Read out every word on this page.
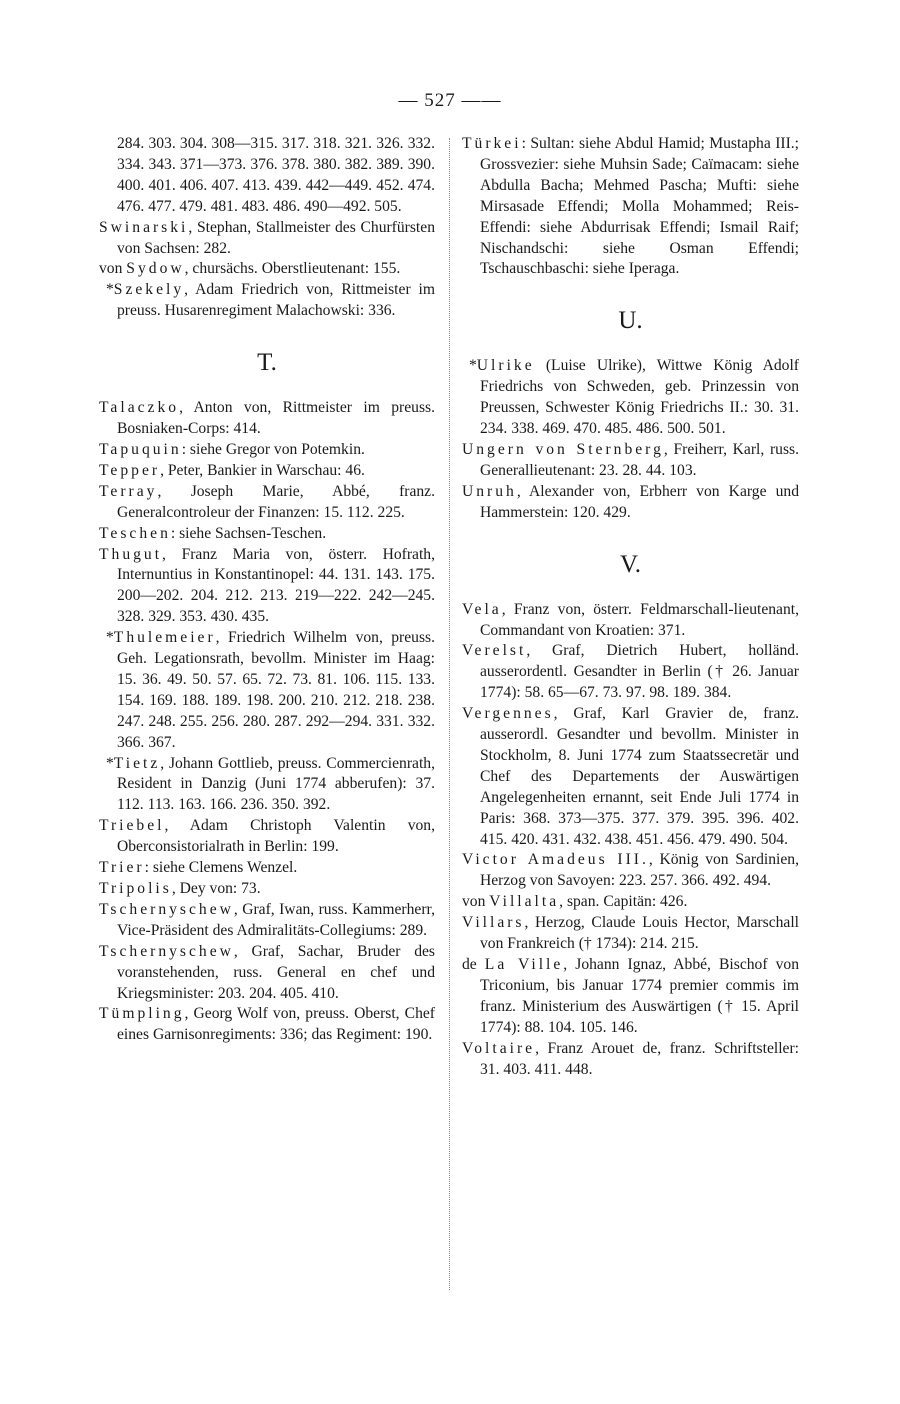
— 527 ——
284. 303. 304. 308—315. 317. 318. 321. 326. 332. 334. 343. 371—373. 376. 378. 380. 382. 389. 390. 400. 401. 406. 407. 413. 439. 442—449. 452. 474. 476. 477. 479. 481. 483. 486. 490—492. 505.
Swinarski, Stephan, Stallmeister des Churfürsten von Sachsen: 282.
von Sydow, chursächs. Oberstlieutenant: 155.
*Szekely, Adam Friedrich von, Rittmeister im preuss. Husarenregiment Malachowski: 336.
T.
Talaczko, Anton von, Rittmeister im preuss. Bosniaken-Corps: 414.
Tapuquin: siehe Gregor von Potemkin.
Tepper, Peter, Bankier in Warschau: 46.
Terray, Joseph Marie, Abbé, franz. Generalcontroleur der Finanzen: 15. 112. 225.
Teschen: siehe Sachsen-Teschen.
Thugut, Franz Maria von, österr. Hofrath, Internuntius in Konstantinopel: 44. 131. 143. 175. 200—202. 204. 212. 213. 219—222. 242—245. 328. 329. 353. 430. 435.
*Thulemeier, Friedrich Wilhelm von, preuss. Geh. Legationsrath, bevollm. Minister im Haag: 15. 36. 49. 50. 57. 65. 72. 73. 81. 106. 115. 133. 154. 169. 188. 189. 198. 200. 210. 212. 218. 238. 247. 248. 255. 256. 280. 287. 292—294. 331. 332. 366. 367.
*Tietz, Johann Gottlieb, preuss. Commercienrath, Resident in Danzig (Juni 1774 abberufen): 37. 112. 113. 163. 166. 236. 350. 392.
Triebel, Adam Christoph Valentin von, Oberconsistorialrath in Berlin: 199.
Trier: siehe Clemens Wenzel.
Tripolis, Dey von: 73.
Tschernyschew, Graf, Iwan, russ. Kammerherr, Vice-Präsident des Admiralitäts-Collegiums: 289.
Tschernyschew, Graf, Sachar, Bruder des voranstehenden, russ. General en chef und Kriegsminister: 203. 204. 405. 410.
Tümpling, Georg Wolf von, preuss. Oberst, Chef eines Garnisonregiments: 336; das Regiment: 190.
Türkei: Sultan: siehe Abdul Hamid; Mustapha III.; Grossvezier: siehe Muhsin Sade; Caïmacam: siehe Abdulla Bacha; Mehmed Pascha; Mufti: siehe Mirsasade Effendi; Molla Mohammed; Reis-Effendi: siehe Abdurrisak Effendi; Ismail Raif; Nischandschi: siehe Osman Effendi; Tschauschbaschi: siehe Iperaga.
U.
*Ulrike (Luise Ulrike), Wittwe König Adolf Friedrichs von Schweden, geb. Prinzessin von Preussen, Schwester König Friedrichs II.: 30. 31. 234. 338. 469. 470. 485. 486. 500. 501.
Ungern von Sternberg, Freiherr, Karl, russ. Generallieutenant: 23. 28. 44. 103.
Unruh, Alexander von, Erbherr von Karge und Hammerstein: 120. 429.
V.
Vela, Franz von, österr. Feldmarschall-lieutenant, Commandant von Kroatien: 371.
Verelst, Graf, Dietrich Hubert, holländ. ausserordentl. Gesandter in Berlin († 26. Januar 1774): 58. 65—67. 73. 97. 98. 189. 384.
Vergennes, Graf, Karl Gravier de, franz. ausserordl. Gesandter und bevollm. Minister in Stockholm, 8. Juni 1774 zum Staatssecretär und Chef des Departements der Auswärtigen Angelegenheiten ernannt, seit Ende Juli 1774 in Paris: 368. 373—375. 377. 379. 395. 396. 402. 415. 420. 431. 432. 438. 451. 456. 479. 490. 504.
Victor Amadeus III., König von Sardinien, Herzog von Savoyen: 223. 257. 366. 492. 494.
von Villalta, span. Capitän: 426.
Villars, Herzog, Claude Louis Hector, Marschall von Frankreich († 1734): 214. 215.
de La Ville, Johann Ignaz, Abbé, Bischof von Triconium, bis Januar 1774 premier commis im franz. Ministerium des Auswärtigen († 15. April 1774): 88. 104. 105. 146.
Voltaire, Franz Arouet de, franz. Schriftsteller: 31. 403. 411. 448.
